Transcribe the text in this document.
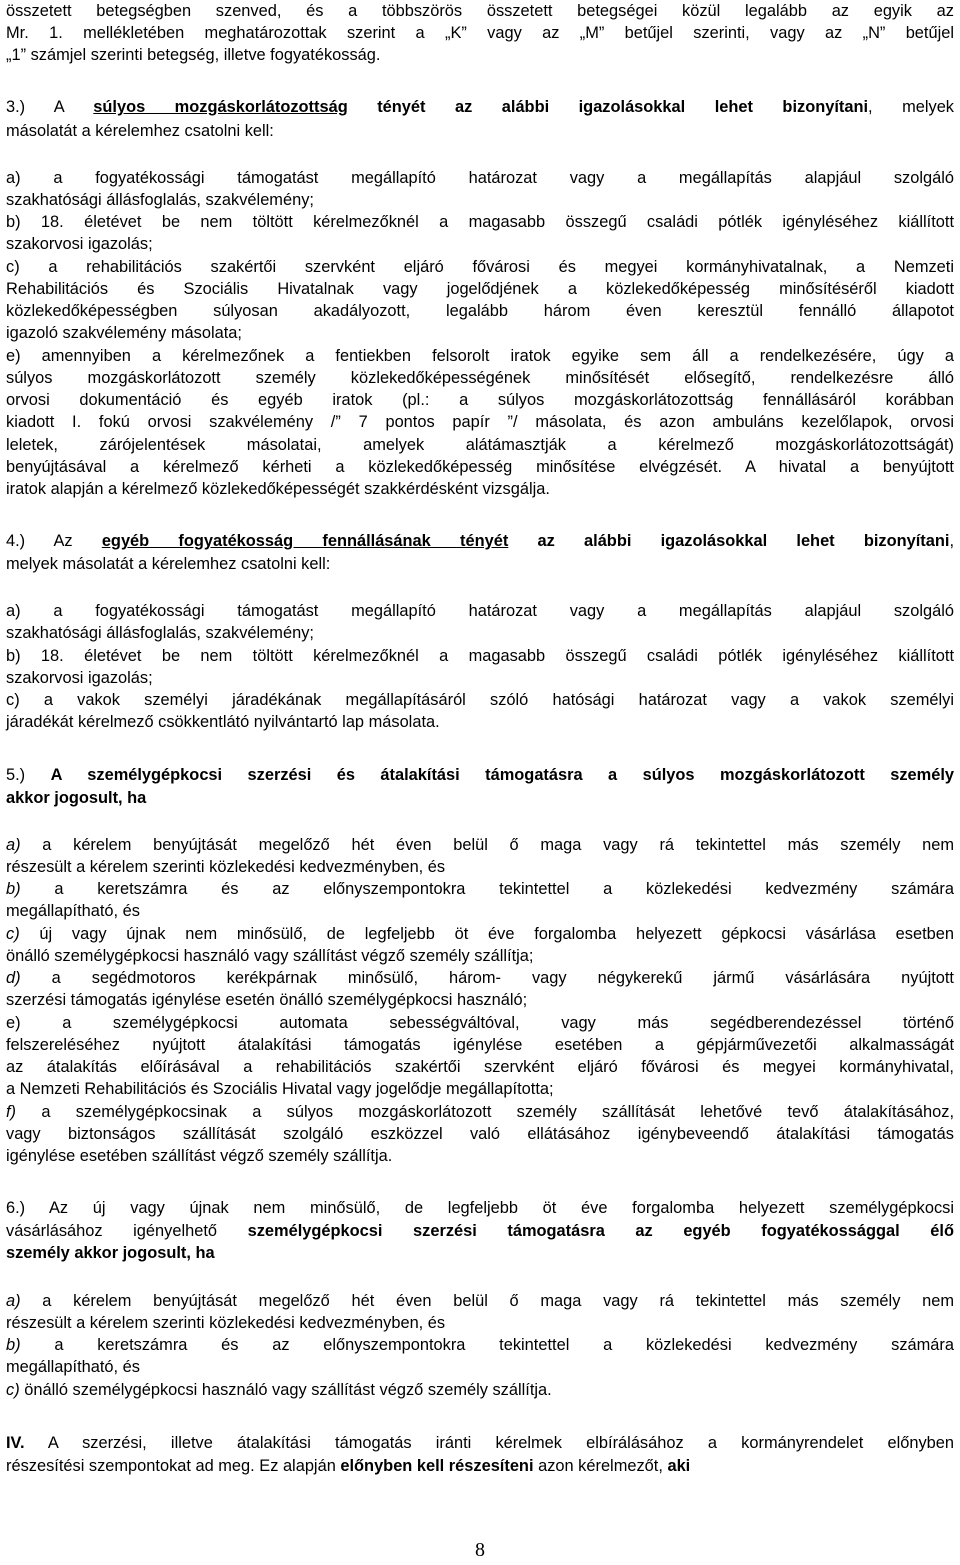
összetett betegségben szenved, és a többszörös összetett betegségei közül legalább az egyik az
Mr. 1. mellékletében meghatározottak szerint a „K” vagy az „M” betűjel szerinti, vagy az „N” betűjel
„1” számjel szerinti betegség, illetve fogyatékosság.
3.) A súlyos mozgáskorlátozottság tényét az alábbi igazolásokkal lehet bizonyítani, melyek
másolatát a kérelemhez csatolni kell:
a) a fogyatékossági támogatást megállapító határozat vagy a megállapítás alapjául szolgáló
szakhatósági állásfoglalás, szakvélemény;
b) 18. életévet be nem töltött kérelmezőknél a magasabb összegű családi pótlék igényléséhez kiállított
szakorvosi igazolás;
c) a rehabilitációs szakértői szervként eljáró fővárosi és megyei kormányhivatalnak, a Nemzeti
Rehabilitációs és Szociális Hivatalnak vagy jogelődjének a közlekedőképesség minősítéséről kiadott
közlekedőképességben súlyosan akadályozott, legalább három éven keresztül fennálló állapotot
igazoló szakvélemény másolata;
e) amennyiben a kérelmezőnek a fentiekben felsorolt iratok egyike sem áll a rendelkezésére, úgy a
súlyos mozgáskorlátozott személy közlekedőképességének minősítését elősegítő, rendelkezésre álló
orvosi dokumentáció és egyéb iratok (pl.: a súlyos mozgáskorlátozottság fennállásáról korábban
kiadott I. fokú orvosi szakvélemény /” 7 pontos papír ”/ másolata, és azon ambuláns kezelőlapok, orvosi
leletek, zárójelentések másolatai, amelyek alátámasztják a kérelmező mozgáskorlátozottságát)
benyújtásával a kérelmező kérheti a közlekedőképesség minősítése elvégzését. A hivatal a benyújtott
iratok alapján a kérelmező közlekedőképességét szakkérdésként vizsgálja.
4.) Az egyéb fogyatékosság fennállásának tényét az alábbi igazolásokkal lehet bizonyítani,
melyek másolatát a kérelemhez csatolni kell:
a) a fogyatékossági támogatást megállapító határozat vagy a megállapítás alapjául szolgáló
szakhatósági állásfoglalás, szakvélemény;
b) 18. életévet be nem töltött kérelmezőknél a magasabb összegű családi pótlék igényléséhez kiállított
szakorvosi igazolás;
c) a vakok személyi járadékának megállapításáról szóló hatósági határozat vagy a vakok személyi
járadékát kérelmező csökkentlátó nyilvántartó lap másolata.
5.) A személygépkocsi szerzési és átalakítási támogatásra a súlyos mozgáskorlátozott személy
akkor jogosult, ha
a) a kérelem benyújtását megelőző hét éven belül ő maga vagy rá tekintettel más személy nem
részesült a kérelem szerinti közlekedési kedvezményben, és
b) a keretszámra és az előnyszempontokra tekintettel a közlekedési kedvezmény számára
megállapítható, és
c) új vagy újnak nem minősülő, de legfeljebb öt éve forgalomba helyezett gépkocsi vásárlása esetben
önálló személygépkocsi használó vagy szállítást végző személy szállítja;
d) a segédmotoros kerékpárnak minősülő, három- vagy négykerekű jármű vásárlására nyújtott
szerzési támogatás igénylése esetén önálló személygépkocsi használó;
e) a személygépkocsi automata sebességváltóval, vagy más segédberendezéssel történő
felszereléséhez nyújtott átalakítási támogatás igénylése esetében a gépjárművezetői alkalmasságát
az átalakítás előírásával a rehabilitációs szakértői szervként eljáró fővárosi és megyei kormányhivatal,
a Nemzeti Rehabilitációs és Szociális Hivatal vagy jogelődje megállapította;
f) a személygépkocsinak a súlyos mozgáskorlátozott személy szállítását lehetővé tevő átalakításához,
vagy biztonságos szállítását szolgáló eszközzel való ellátásához igénybeveendő átalakítási támogatás
igénylése esetében szállítást végző személy szállítja.
6.) Az új vagy újnak nem minősülő, de legfeljebb öt éve forgalomba helyezett személygépkocsi
vásárlásához igényelhető személygépkocsi szerzési támogatásra az egyéb fogyatékossággal élő
személy akkor jogosult, ha
a) a kérelem benyújtását megelőző hét éven belül ő maga vagy rá tekintettel más személy nem
részesült a kérelem szerinti közlekedési kedvezményben, és
b) a keretszámra és az előnyszempontokra tekintettel a közlekedési kedvezmény számára
megállapítható, és
c) önálló személygépkocsi használó vagy szállítást végző személy szállítja.
IV. A szerzési, illetve átalakítási támogatás iránti kérelmek elbírálásához a kormányrendelet előnyben
részesítési szempontokat ad meg. Ez alapján előnyben kell részesíteni azon kérelmezőt, aki
8
